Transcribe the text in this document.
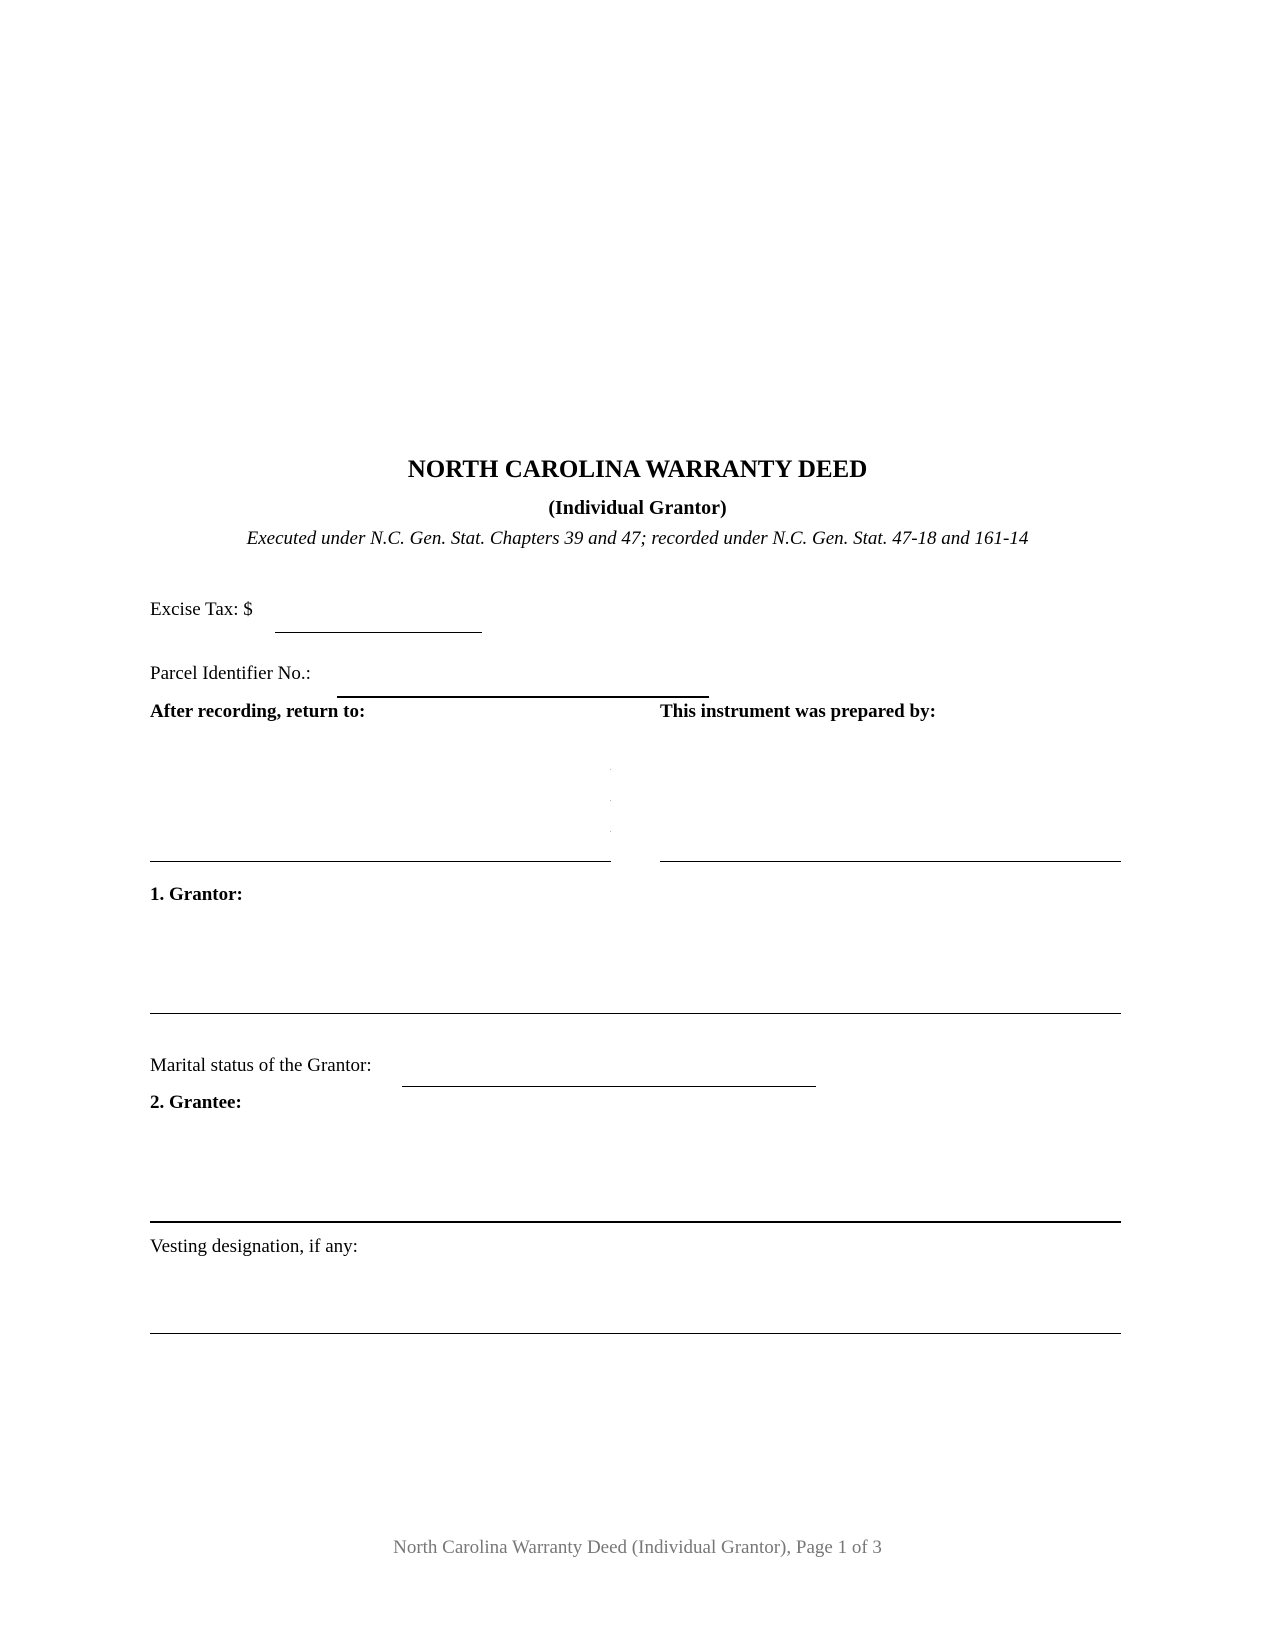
NORTH CAROLINA WARRANTY DEED
(Individual Grantor)
Executed under N.C. Gen. Stat. Chapters 39 and 47; recorded under N.C. Gen. Stat. 47-18 and 161-14
Excise Tax: $
Parcel Identifier No.:
After recording, return to:	This instrument was prepared by:
1. Grantor:
Marital status of the Grantor:
2. Grantee:
Vesting designation, if any:
North Carolina Warranty Deed (Individual Grantor), Page 1 of 3
